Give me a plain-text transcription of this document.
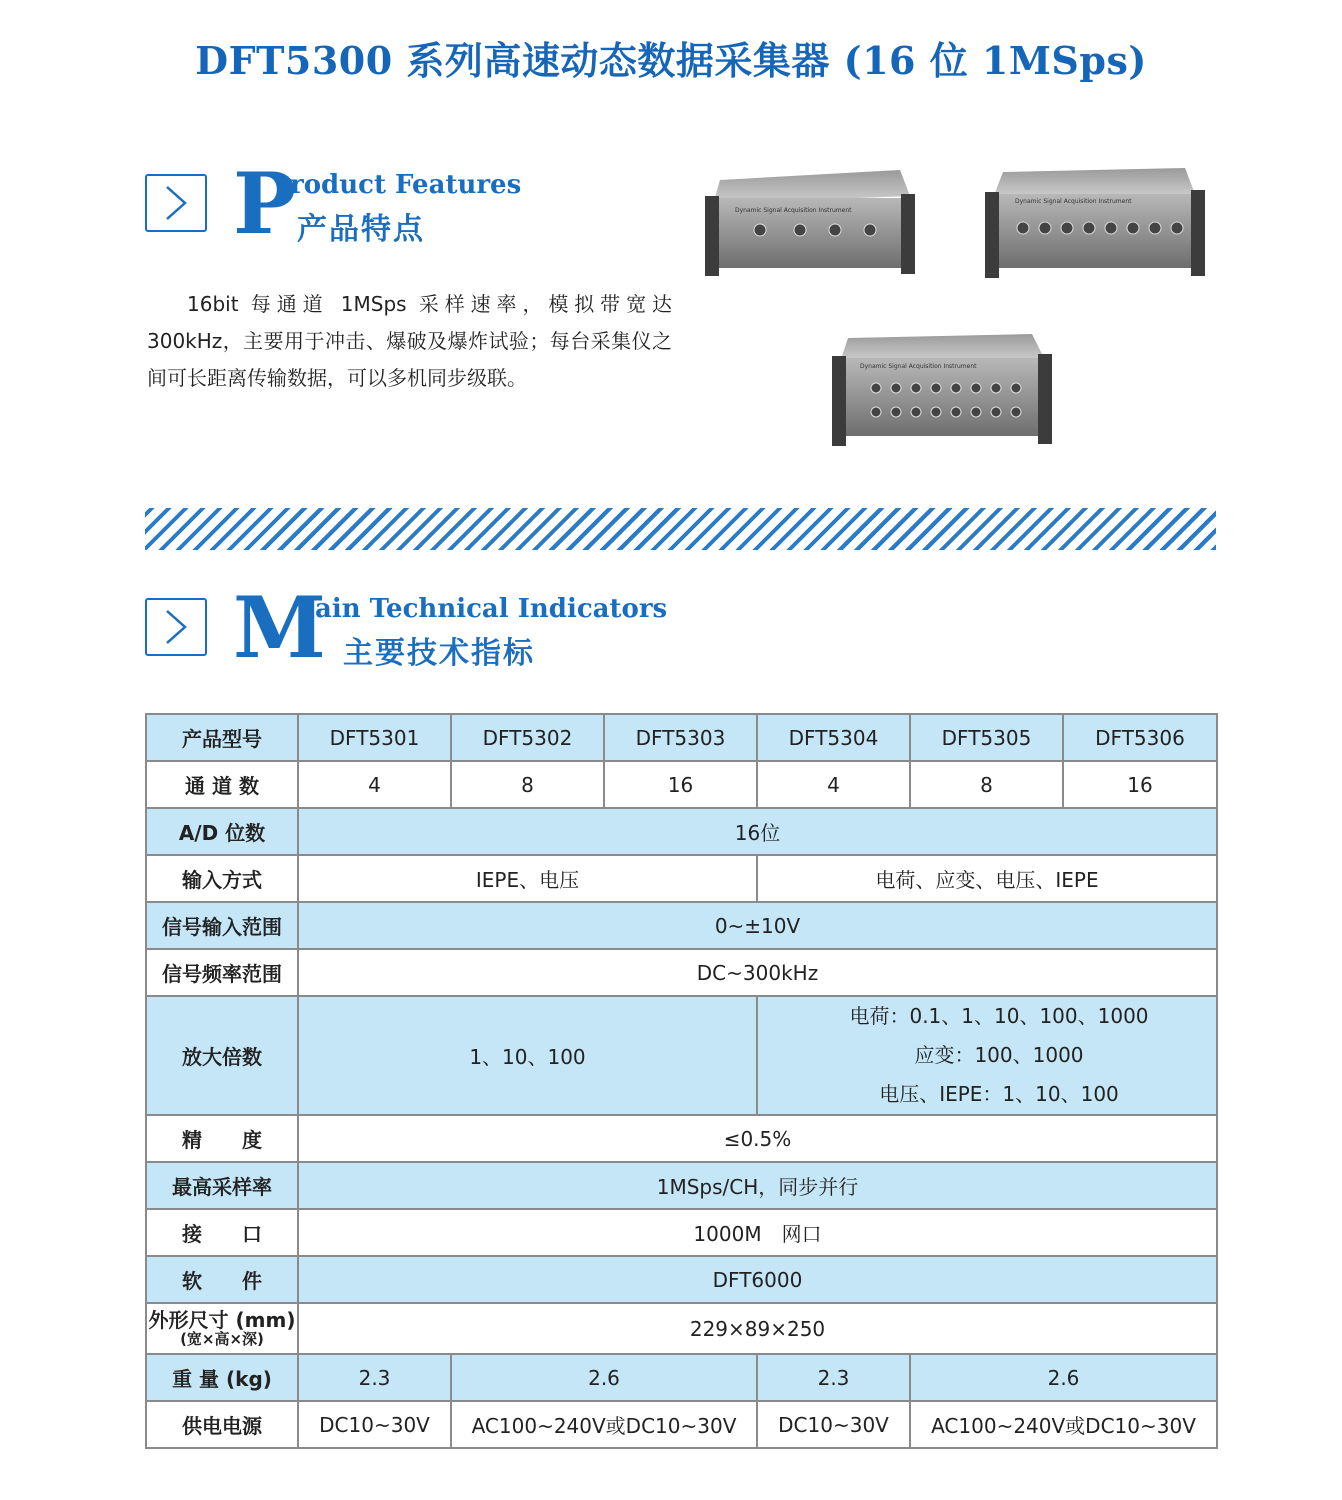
DFT5300 系列高速动态数据采集器 (16 位 1MSps)
P
roduct Features
产品特点

16bit 每通道 1MSps 采样速率，模拟带宽达 300kHz，主要用于冲击、爆破及爆炸试验；每台采集仪之间可长距离传输数据，可以多机同步级联。

Dynamic Signal Acquisition Instrument
Dynamic Signal Acquisition Instrument
Dynamic Signal Acquisition Instrument
M
ain Technical Indicators
主要技术指标
产品型号	DFT5301	DFT5302	DFT5303	DFT5304	DFT5305	DFT5306
通 道 数	4	8	16	4	8	16
A/D 位数	16位					
输入方式	IEPE、电压			电荷、应变、电压、IEPE		
信号输入范围	0~±10V					
信号频率范围	DC~300kHz					
放大倍数	1、10、100			电荷：0.1、1、10、100、1000
应变：100、1000
电压、IEPE：1、10、100		

精　　度	≤0.5%					
最高采样率	1MSps/CH，同步并行					
接　　口	1000M　网口					
软　　件	DFT6000					
外形尺寸 (mm)
(宽×高×深)	229×89×250					
重 量 (kg)	2.3	2.6		2.3	2.6	
供电电源	DC10~30V	AC100~240V或DC10~30V		DC10~30V	AC100~240V或DC10~30V	
